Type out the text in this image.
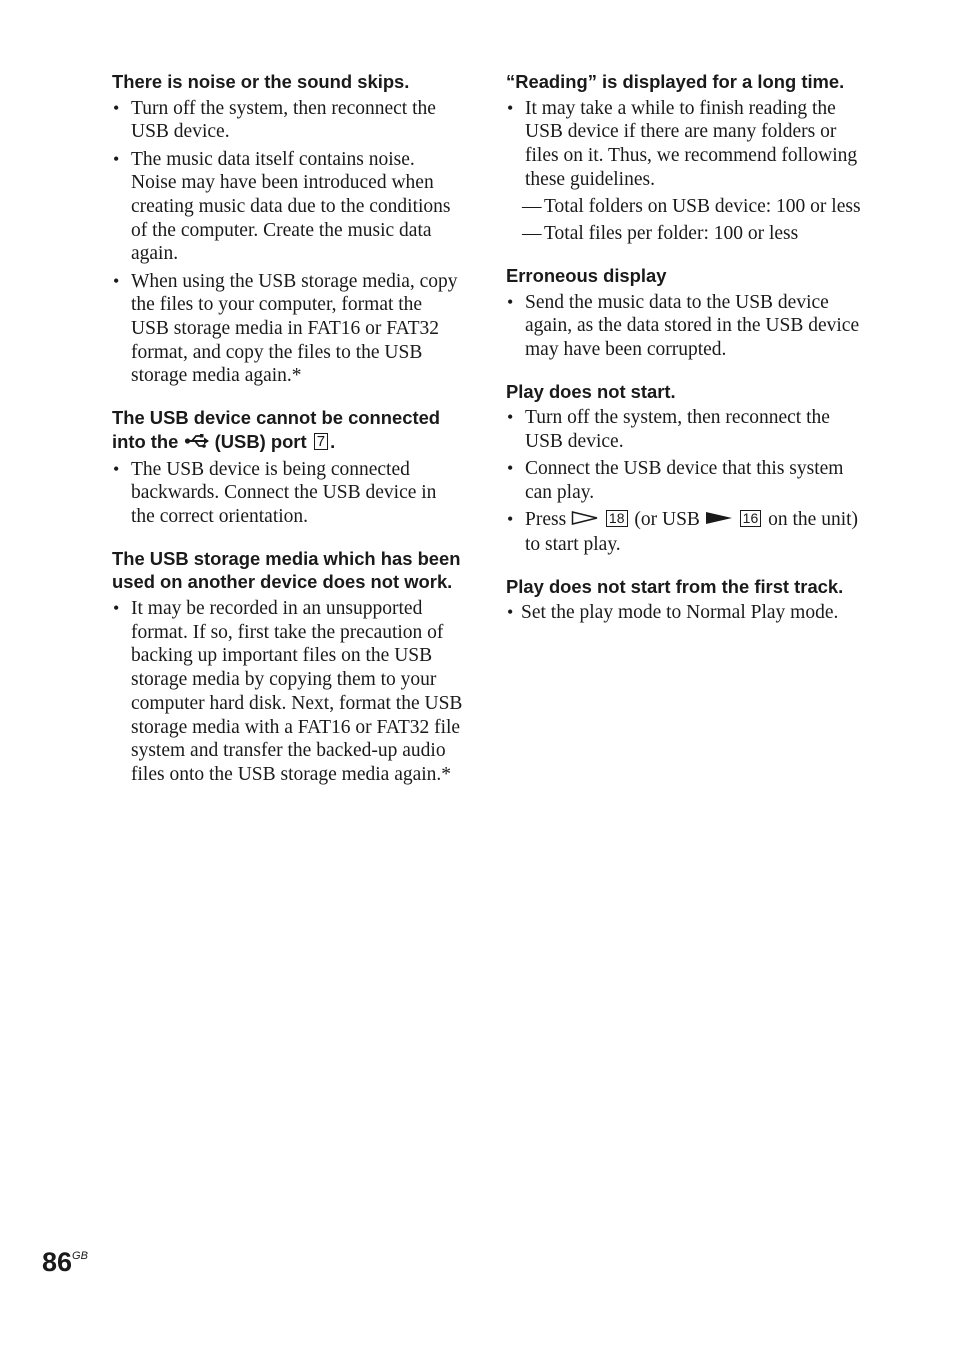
There is noise or the sound skips.

• Turn off the system, then reconnect the USB device.
• The music data itself contains noise. Noise may have been introduced when creating music data due to the conditions of the computer. Create the music data again.
• When using the USB storage media, copy the files to your computer, format the USB storage media in FAT16 or FAT32 format, and copy the files to the USB storage media again.*

The USB device cannot be connected into the (USB) port 7 .

• The USB device is being connected backwards. Connect the USB device in the correct orientation.

The USB storage media which has been used on another device does not work.

• It may be recorded in an unsupported format. If so, first take the precaution of backing up important files on the USB storage media by copying them to your computer hard disk. Next, format the USB storage media with a FAT16 or FAT32 file system and transfer the backed-up audio files onto the USB storage media again.*

“Reading” is displayed for a long time.

• It may take a while to finish reading the USB device if there are many folders or files on it. Thus, we recommend following these guidelines.
— Total folders on USB device: 100 or less
— Total files per folder: 100 or less

Erroneous display

• Send the music data to the USB device again, as the data stored in the USB device may have been corrupted.

Play does not start.

• Turn off the system, then reconnect the USB device.
• Connect the USB device that this system can play.
• Press	18 (or USB	16 on the unit) to start play.

Play does not start from the first track.

• Set the play mode to Normal Play mode.
$86^{GB}$
